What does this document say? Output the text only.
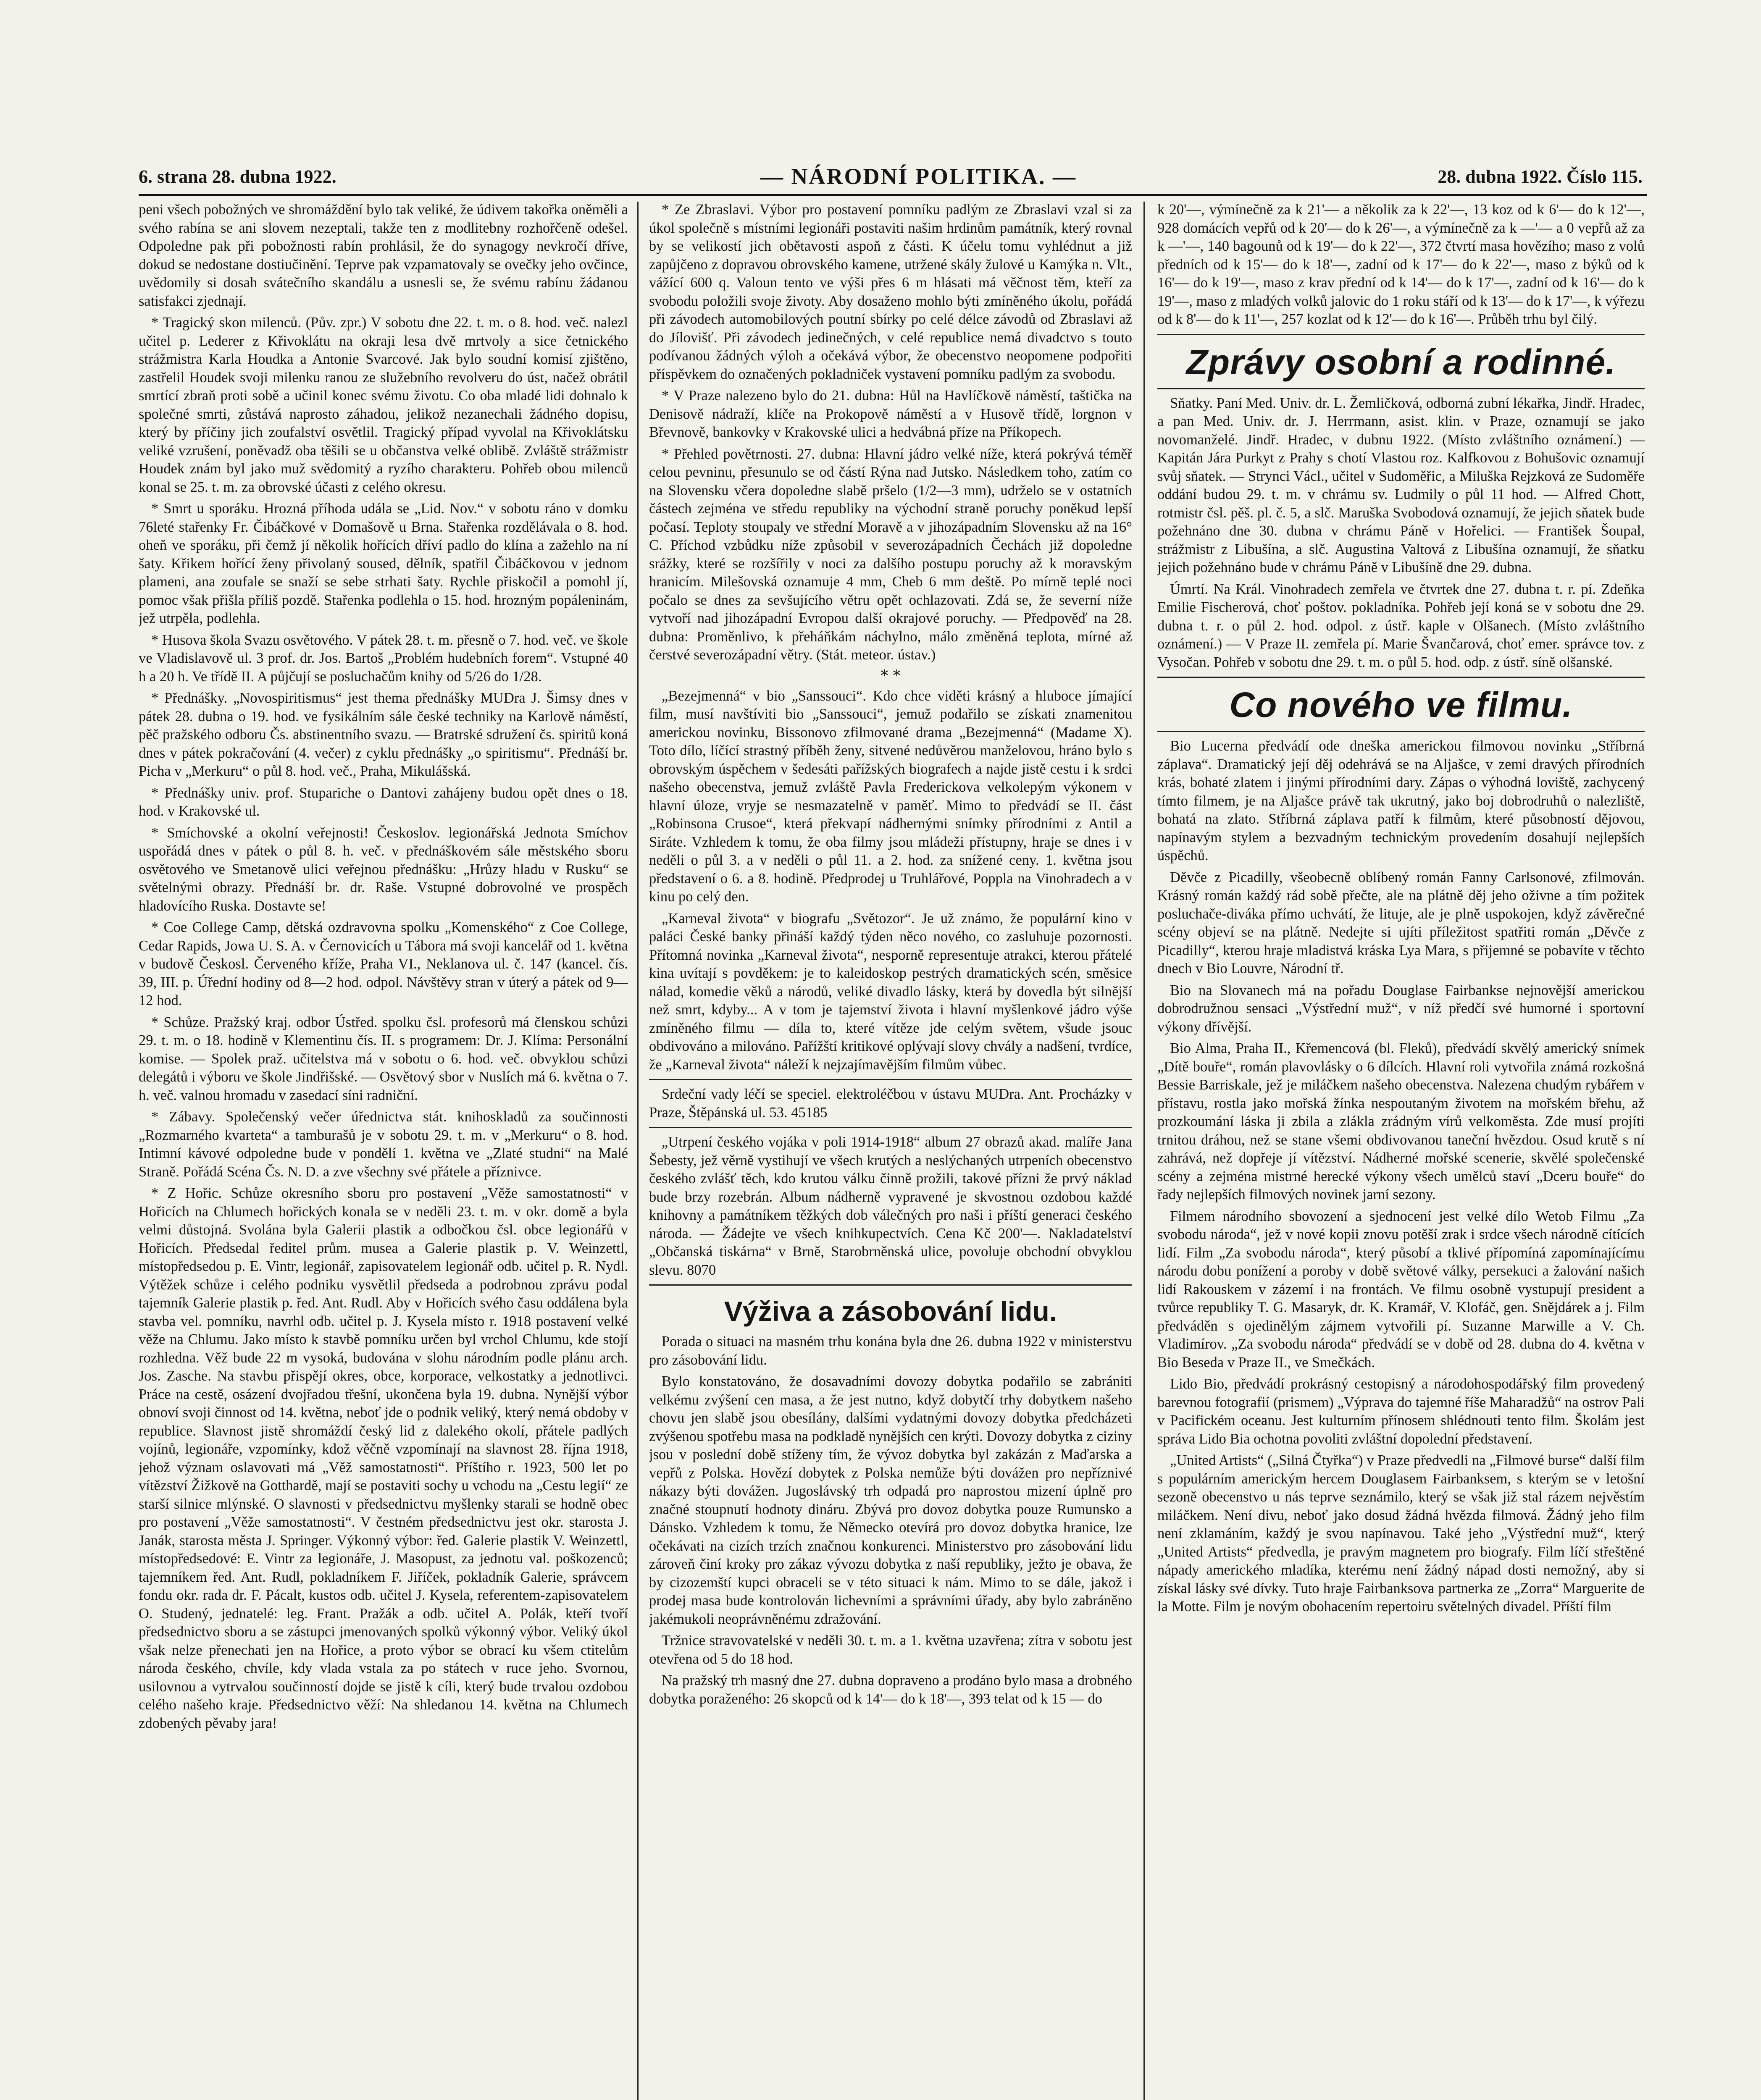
6. strana 28. dubna 1922.	— NÁRODNÍ POLITIKA. —	28. dubna 1922. Číslo 115.

peni všech pobožných ve shromáždění bylo tak veliké, že údivem takořka oněměli a svého rabína se ani slovem nezeptali, takže ten z modlitebny rozhořčeně odešel. Odpoledne pak při pobožnosti rabín prohlásil, že do synagogy nevkročí dříve, dokud se nedostane dostiučinění. Teprve pak vzpamatovaly se ovečky jeho ovčince, uvědomily si dosah svátečního skandálu a usnesli se, že svému rabínu žádanou satisfakci zjednají.

* Tragický skon milenců. (Pův. zpr.) V sobotu dne 22. t. m. o 8. hod. več. nalezl učitel p. Lederer z Křivoklátu na okraji lesa dvě mrtvoly a sice četnického strážmistra Karla Houdka a Antonie Svarcové. Jak bylo soudní komisí zjištěno, zastřelil Houdek svoji milenku ranou ze služebního revolveru do úst, načež obrátil smrtící zbraň proti sobě a učinil konec svému životu. Co oba mladé lidi dohnalo k společné smrti, zůstává naprosto záhadou, jelikož nezanechali žádného dopisu, který by příčiny jich zoufalství osvětlil. Tragický případ vyvolal na Křivoklátsku veliké vzrušení, poněvadž oba těšili se u občanstva velké oblibě. Zvláště strážmistr Houdek znám byl jako muž svědomitý a ryzího charakteru. Pohřeb obou milenců konal se 25. t. m. za obrovské účasti z celého okresu.

* Smrt u sporáku. Hrozná příhoda udála se „Lid. Nov.“ v sobotu ráno v domku 76leté stařenky Fr. Čibáčkové v Domašově u Brna. Stařenka rozdělávala o 8. hod. oheň ve sporáku, při čemž jí několik hořících dříví padlo do klína a zažehlo na ní šaty. Křikem hořící ženy přivolaný soused, dělník, spatřil Čibáčkovou v jednom plameni, ana zoufale se snaží se sebe strhati šaty. Rychle přiskočil a pomohl jí, pomoc však přišla příliš pozdě. Stařenka podlehla o 15. hod. hrozným popáleninám, jež utrpěla, podlehla.

* Husova škola Svazu osvětového. V pátek 28. t. m. přesně o 7. hod. več. ve škole ve Vladislavově ul. 3 prof. dr. Jos. Bartoš „Problém hudebních forem“. Vstupné 40 h a 20 h. Ve třídě II. A půjčují se posluchačům knihy od 5/26 do 1/28.

* Přednášky. „Novospiritismus“ jest thema přednášky MUDra J. Šimsy dnes v pátek 28. dubna o 19. hod. ve fysikálním sále české techniky na Karlově náměstí, pěč pražského odboru Čs. abstinentního svazu. — Bratrské sdružení čs. spiritů koná dnes v pátek pokračování (4. večer) z cyklu přednášky „o spiritismu“. Přednáší br. Picha v „Merkuru“ o půl 8. hod. več., Praha, Mikulášská.

* Přednášky univ. prof. Stupariche o Dantovi zahájeny budou opět dnes o 18. hod. v Krakovské ul.

* Smíchovské a okolní veřejnosti! Českoslov. legionářská Jednota Smíchov uspořádá dnes v pátek o půl 8. h. več. v přednáškovém sále městského sboru osvětového ve Smetanově ulici veřejnou přednášku: „Hrůzy hladu v Rusku“ se světelnými obrazy. Přednáší br. dr. Raše. Vstupné dobrovolné ve prospěch hladovícího Ruska. Dostavte se!

* Coe College Camp, dětská ozdravovna spolku „Komenského“ z Coe College, Cedar Rapids, Jowa U. S. A. v Černovicích u Tábora má svoji kancelář od 1. května v budově Českosl. Červeného kříže, Praha VI., Neklanova ul. č. 147 (kancel. čís. 39, III. p. Úřední hodiny od 8—2 hod. odpol. Návštěvy stran v úterý a pátek od 9—12 hod.

* Schůze. Pražský kraj. odbor Ústřed. spolku čsl. profesorů má členskou schůzi 29. t. m. o 18. hodině v Klementinu čís. II. s programem: Dr. J. Klíma: Personální komise. — Spolek praž. učitelstva má v sobotu o 6. hod. več. obvyklou schůzi delegátů i výboru ve škole Jindřišské. — Osvětový sbor v Nuslích má 6. května o 7. h. več. valnou hromadu v zasedací síni radniční.

* Zábavy. Společenský večer úřednictva stát. knihoskladů za součinnosti „Rozmarného kvarteta“ a tamburašů je v sobotu 29. t. m. v „Merkuru“ o 8. hod. Intimní kávové odpoledne bude v pondělí 1. května ve „Zlaté studni“ na Malé Straně. Pořádá Scéna Čs. N. D. a zve všechny své přátele a příznivce.

* Z Hořic. Schůze okresního sboru pro postavení „Věže samostatnosti“ v Hořicích na Chlumech hořických konala se v neděli 23. t. m. v okr. domě a byla velmi důstojná. Svolána byla Galerii plastik a odbočkou čsl. obce legionářů v Hořicích. Předsedal ředitel prům. musea a Galerie plastik p. V. Weinzettl, místopředsedou p. E. Vintr, legionář, zapisovatelem legionář odb. učitel p. R. Nydl. Výtěžek schůze i celého podniku vysvětlil předseda a podrobnou zprávu podal tajemník Galerie plastik p. řed. Ant. Rudl. Aby v Hořicích svého času oddálena byla stavba vel. pomníku, navrhl odb. učitel p. J. Kysela místo r. 1918 postavení velké věže na Chlumu. Jako místo k stavbě pomníku určen byl vrchol Chlumu, kde stojí rozhledna. Věž bude 22 m vysoká, budována v slohu národním podle plánu arch. Jos. Zasche. Na stavbu přispějí okres, obce, korporace, velkostatky a jednotlivci. Práce na cestě, osázení dvojřadou třešní, ukončena byla 19. dubna. Nynější výbor obnoví svoji činnost od 14. května, neboť jde o podnik veliký, který nemá obdoby v republice. Slavnost jistě shromáždí český lid z dalekého okolí, přátele padlých vojínů, legionáře, vzpomínky, kdož věčně vzpomínají na slavnost 28. října 1918, jehož význam oslavovati má „Věž samostatnosti“. Příštího r. 1923, 500 let po vítězství Žižkově na Gotthardě, mají se postaviti sochy u vchodu na „Cestu legií“ ze starší silnice mlýnské. O slavnosti v předsednictvu myšlenky starali se hodně obec pro postavení „Věže samostatnosti“. V čestném předsednictvu jest okr. starosta J. Janák, starosta města J. Springer. Výkonný výbor: řed. Galerie plastik V. Weinzettl, místopředsedové: E. Vintr za legionáře, J. Masopust, za jednotu val. poškozenců; tajemníkem řed. Ant. Rudl, pokladníkem F. Jiříček, pokladník Galerie, správcem fondu okr. rada dr. F. Pácalt, kustos odb. učitel J. Kysela, referentem-zapisovatelem O. Studený, jednatelé: leg. Frant. Pražák a odb. učitel A. Polák, kteří tvoří předsednictvo sboru a se zástupci jmenovaných spolků výkonný výbor. Veliký úkol však nelze přenechati jen na Hořice, a proto výbor se obrací ku všem ctitelům národa českého, chvíle, kdy vlada vstala za po státech v ruce jeho. Svornou, usilovnou a vytrvalou součinností dojde se jistě k cíli, který bude trvalou ozdobou celého našeho kraje. Předsednictvo věží: Na shledanou 14. května na Chlumech zdobených pěvaby jara!

* Ze Zbraslavi. Výbor pro postavení pomníku padlým ze Zbraslavi vzal si za úkol společně s místními legionáři postaviti našim hrdinům památník, který rovnal by se velikostí jich obětavosti aspoň z části. K účelu tomu vyhlédnut a již zapůjčeno z dopravou obrovského kamene, utržené skály žulové u Kamýka n. Vlt., vážící 600 q. Valoun tento ve výši přes 6 m hlásati má věčnost těm, kteří za svobodu položili svoje životy. Aby dosaženo mohlo býti zmíněného úkolu, pořádá při závodech automobilových poutní sbírky po celé délce závodů od Zbraslavi až do Jílovišť. Při závodech jedinečných, v celé republice nemá divadctvo s touto podívanou žádných výloh a očekává výbor, že obecenstvo neopomene podpořiti příspěvkem do označených pokladniček vystavení pomníku padlým za svobodu.

* V Praze nalezeno bylo do 21. dubna: Hůl na Havlíčkově náměstí, taštička na Denisově nádraží, klíče na Prokopově náměstí a v Husově třídě, lorgnon v Břevnově, bankovky v Krakovské ulici a hedvábná příze na Příkopech.

* Přehled povětrnosti. 27. dubna: Hlavní jádro velké níže, která pokrývá téměř celou pevninu, přesunulo se od částí Rýna nad Jutsko. Následkem toho, zatím co na Slovensku včera dopoledne slabě pršelo (1/2—3 mm), udrželo se v ostatních částech zejména ve středu republiky na východní straně poruchy poněkud lepší počasí. Teploty stoupaly ve střední Moravě a v jihozápadním Slovensku až na 16° C. Příchod vzbůdku níže způsobil v severozápadních Čechách již dopoledne srážky, které se rozšířily v noci za dalšího postupu poruchy až k moravským hranicím. Milešovská oznamuje 4 mm, Cheb 6 mm deště. Po mírně teplé noci počalo se dnes za sevšujícího větru opět ochlazovati. Zdá se, že severní níže vytvoří nad jihozápadní Evropou další okrajové poruchy. — Předpověď na 28. dubna: Proměnlivo, k přeháňkám náchylno, málo změněná teplota, mírné až čerstvé severozápadní větry. (Stát. meteor. ústav.)

* *

„Bezejmenná“ v bio „Sanssouci“. Kdo chce viděti krásný a hluboce jímající film, musí navštíviti bio „Sanssouci“, jemuž podařilo se získati znamenitou americkou novinku, Bissonovo zfilmované drama „Bezejmenná“ (Madame X). Toto dílo, líčící strastný příběh ženy, sitvené nedůvěrou manželovou, hráno bylo s obrovským úspěchem v šedesáti pařížských biografech a najde jistě cestu i k srdci našeho obecenstva, jemuž zvláště Pavla Frederickova velkolepým výkonem v hlavní úloze, vryje se nesmazatelně v paměť. Mimo to předvádí se II. část „Robinsona Crusoe“, která překvapí nádhernými snímky přírodními z Antil a Siráte. Vzhledem k tomu, že oba filmy jsou mládeži přístupny, hraje se dnes i v neděli o půl 3. a v neděli o půl 11. a 2. hod. za snížené ceny. 1. května jsou představení o 6. a 8. hodině. Předprodej u Truhlářové, Poppla na Vinohradech a v kinu po celý den.

„Karneval života“ v biografu „Světozor“. Je už známo, že populární kino v paláci České banky přináší každý týden něco nového, co zasluhuje pozornosti. Přítomná novinka „Karneval života“, nesporně representuje atrakci, kterou přátelé kina uvítají s povděkem: je to kaleidoskop pestrých dramatických scén, směsice nálad, komedie věků a národů, veliké divadlo lásky, která by dovedla být silnější než smrt, kdyby... A v tom je tajemství života i hlavní myšlenkové jádro výše zmíněného filmu — díla to, které vítěze jde celým světem, všude jsouc obdivováno a milováno. Pařížští kritikové oplývají slovy chvály a nadšení, tvrdíce, že „Karneval života“ náleží k nejzajímavějším filmům vůbec.

Srdeční vady léčí se speciel. elektroléčbou v ústavu MUDra. Ant. Procházky v Praze, Štěpánská ul. 53. 45185

„Utrpení českého vojáka v poli 1914-1918“ album 27 obrazů akad. malíře Jana Šebesty, jež věrně vystihují ve všech krutých a neslýchaných utrpeních obecenstvo českého zvlášť těch, kdo krutou válku činně prožili, takové přízni že prvý náklad bude brzy rozebrán. Album nádherně vypravené je skvostnou ozdobou každé knihovny a památníkem těžkých dob válečných pro naši i příští generaci českého národa. — Žádejte ve všech knihkupectvích. Cena Kč 200'—. Nakladatelství „Občanská tiskárna“ v Brně, Starobrněnská ulice, povoluje obchodní obvyklou slevu. 8070

Výživa a zásobování lidu.

Porada o situaci na masném trhu konána byla dne 26. dubna 1922 v ministerstvu pro zásobování lidu.

Bylo konstatováno, že dosavadními dovozy dobytka podařilo se zabrániti velkému zvýšení cen masa, a že jest nutno, když dobytčí trhy dobytkem našeho chovu jen slabě jsou obesílány, dalšími vydatnými dovozy dobytka předcházeti zvýšenou spotřebu masa na podkladě nynějších cen krýti. Dovozy dobytka z ciziny jsou v poslední době stíženy tím, že vývoz dobytka byl zakázán z Maďarska a vepřů z Polska. Hovězí dobytek z Polska nemůže býti dovážen pro nepříznivé nákazy býti dovážen. Jugoslávský trh odpadá pro naprostou mizení úplně pro značné stoupnutí hodnoty dináru. Zbývá pro dovoz dobytka pouze Rumunsko a Dánsko. Vzhledem k tomu, že Německo otevírá pro dovoz dobytka hranice, lze očekávati na cizích trzích značnou konkurenci. Ministerstvo pro zásobování lidu zároveň činí kroky pro zákaz vývozu dobytka z naší republiky, ježto je obava, že by cizozemští kupci obraceli se v této situaci k nám. Mimo to se dále, jakož i prodej masa bude kontrolován lichevními a správními úřady, aby bylo zabráněno jakémukoli neoprávněnému zdražování.

Tržnice stravovatelské v neděli 30. t. m. a 1. května uzavřena; zítra v sobotu jest otevřena od 5 do 18 hod.

Na pražský trh masný dne 27. dubna dopraveno a prodáno bylo masa a drobného dobytka poraženého: 26 skopců od k 14'— do k 18'—, 393 telat od k 15 — do

k 20'—, výmínečně za k 21'— a několik za k 22'—, 13 koz od k 6'— do k 12'—, 928 domácích vepřů od k 20'— do k 26'—, a výmínečně za k —'— a 0 vepřů až za k —'—, 140 bagounů od k 19'— do k 22'—, 372 čtvrtí masa hovězího; maso z volů předních od k 15'— do k 18'—, zadní od k 17'— do k 22'—, maso z býků od k 16'— do k 19'—, maso z krav přední od k 14'— do k 17'—, zadní od k 16'— do k 19'—, maso z mladých volků jalovic do 1 roku stáří od k 13'— do k 17'—, k výřezu od k 8'— do k 11'—, 257 kozlat od k 12'— do k 16'—. Průběh trhu byl čilý.

Zprávy osobní a rodinné.

Sňatky. Paní Med. Univ. dr. L. Žemličková, odborná zubní lékařka, Jindř. Hradec, a pan Med. Univ. dr. J. Herrmann, asist. klin. v Praze, oznamují se jako novomanželé. Jindř. Hradec, v dubnu 1922. (Místo zvláštního oznámení.) — Kapitán Jára Purkyt z Prahy s chotí Vlastou roz. Kalfkovou z Bohušovic oznamují svůj sňatek. — Strynci Václ., učitel v Sudoměřic, a Miluška Rejzková ze Sudoměře oddání budou 29. t. m. v chrámu sv. Ludmily o půl 11 hod. — Alfred Chott, rotmistr čsl. pěš. pl. č. 5, a slč. Maruška Svobodová oznamují, že jejich sňatek bude požehnáno dne 30. dubna v chrámu Páně v Hořelici. — František Šoupal, strážmistr z Libušína, a slč. Augustina Valtová z Libušína oznamují, že sňatku jejich požehnáno bude v chrámu Páně v Libušíně dne 29. dubna.

Úmrtí. Na Král. Vinohradech zemřela ve čtvrtek dne 27. dubna t. r. pí. Zdeňka Emilie Fischerová, choť poštov. pokladníka. Pohřeb její koná se v sobotu dne 29. dubna t. r. o půl 2. hod. odpol. z ústř. kaple v Olšanech. (Místo zvláštního oznámení.) — V Praze II. zemřela pí. Marie Švančarová, choť emer. správce tov. z Vysočan. Pohřeb v sobotu dne 29. t. m. o půl 5. hod. odp. z ústř. síně olšanské.

Co nového ve filmu.

Bio Lucerna předvádí ode dneška americkou filmovou novinku „Stříbrná záplava“. Dramatický její děj odehrává se na Aljašce, v zemi dravých přírodních krás, bohaté zlatem i jinými přírodními dary. Zápas o výhodná loviště, zachycený tímto filmem, je na Aljašce právě tak ukrutný, jako boj dobrodruhů o nalezliště, bohatá na zlato. Stříbrná záplava patří k filmům, které působností dějovou, napínavým stylem a bezvadným technickým provedením dosahují nejlepších úspěchů.

Děvče z Picadilly, všeobecně oblíbený román Fanny Carlsonové, zfilmován. Krásný román každý rád sobě přečte, ale na plátně děj jeho oživne a tím požitek posluchače-diváka přímo uchvátí, že lituje, ale je plně uspokojen, když závěrečné scény objeví se na plátně. Nedejte si ujíti příležitost spatřiti román „Děvče z Picadilly“, kterou hraje mladistvá kráska Lya Mara, s přijemné se pobavíte v těchto dnech v Bio Louvre, Národní tř.

Bio na Slovanech má na pořadu Douglase Fairbankse nejnovější americkou dobrodružnou sensaci „Výstřední muž“, v níž předčí své humorné i sportovní výkony dřívější.

Bio Alma, Praha II., Křemencová (bl. Fleků), předvádí skvělý americký snímek „Dítě bouře“, román plavovlásky o 6 dílcích. Hlavní roli vytvořila známá rozkošná Bessie Barriskale, jež je miláčkem našeho obecenstva. Nalezena chudým rybářem v přístavu, rostla jako mořská žínka nespoutaným životem na mořském břehu, až prozkoumání láska ji zbila a zlákla zrádným vírů velkoměsta. Zde musí projíti trnitou dráhou, než se stane všemi obdivovanou taneční hvězdou. Osud krutě s ní zahrává, než dopřeje jí vítězství. Nádherné mořské scenerie, skvělé společenské scény a zejména mistrné herecké výkony všech umělců staví „Dceru bouře“ do řady nejlepších filmových novinek jarní sezony.

Filmem národního sbovození a sjednocení jest velké dílo Wetob Filmu „Za svobodu národa“, jež v nové kopii znovu potěší zrak i srdce všech národně cítících lidí. Film „Za svobodu národa“, který působí a tklivé přípomíná zapomínajícímu národu dobu ponížení a poroby v době světové války, persekuci a žalování našich lidí Rakouskem v zázemí i na frontách. Ve filmu osobně vystupují president a tvůrce republiky T. G. Masaryk, dr. K. Kramář, V. Klofáč, gen. Snějdárek a j. Film předváděn s ojedinělým zájmem vytvořili pí. Suzanne Marwille a V. Ch. Vladimírov. „Za svobodu národa“ předvádí se v době od 28. dubna do 4. května v Bio Beseda v Praze II., ve Smečkách.

Lido Bio, předvádí prokrásný cestopisný a národohospodářský film provedený barevnou fotografií (prismem) „Výprava do tajemné říše Maharadžů“ na ostrov Pali v Pacifickém oceanu. Jest kulturním přínosem shlédnouti tento film. Školám jest správa Lido Bia ochotna povoliti zvláštní dopolední představení.

„United Artists“ („Silná Čtyřka“) v Praze předvedli na „Filmové burse“ další film s populárním americkým hercem Douglasem Fairbanksem, s kterým se v letošní sezoně obecenstvo u nás teprve seznámilo, který se však již stal rázem nejvěstím miláčkem. Není divu, neboť jako dosud žádná hvězda filmová. Žádný jeho film není zklamáním, každý je svou napínavou. Také jeho „Výstřední muž“, který „United Artists“ předvedla, je pravým magnetem pro biografy. Film líčí střeštěné nápady amerického mladíka, kterému není žádný nápad dosti nemožný, aby si získal lásky své dívky. Tuto hraje Fairbanksova partnerka ze „Zorra“ Marguerite de la Motte. Film je novým obohacením repertoiru světelných divadel. Příští film
